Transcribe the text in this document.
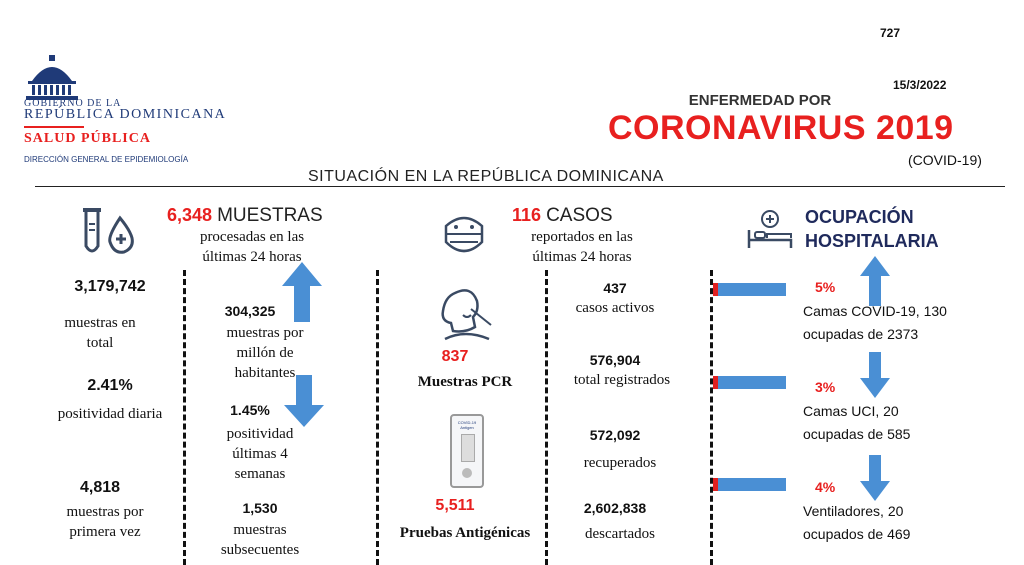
GOBIERNO DE LA
REPÚBLICA DOMINICANA
SALUD PÚBLICA
DIRECCIÓN GENERAL DE EPIDEMIOLOGÍA
727
15/3/2022
ENFERMEDAD POR
CORONAVIRUS 2019
(COVID-19)
SITUACIÓN EN LA REPÚBLICA DOMINICANA
6,348 MUESTRAS
procesadas en las últimas 24 horas
3,179,742
muestras en total
2.41%
positividad diaria
4,818
muestras por primera vez
304,325
muestras por millón de habitantes
1.45%
positividad últimas 4 semanas
1,530
muestras subsecuentes
837
Muestras PCR
COVID-19 Antigen
5,511
Pruebas Antigénicas
116 CASOS
reportados en las últimas 24 horas
437
casos activos
576,904
total registrados
572,092
recuperados
2,602,838
descartados
OCUPACIÓN
HOSPITALARIA
5%
Camas COVID-19, 130
ocupadas de 2373
3%
Camas UCI, 20
ocupadas de 585
4%
Ventiladores, 20
ocupados de 469
